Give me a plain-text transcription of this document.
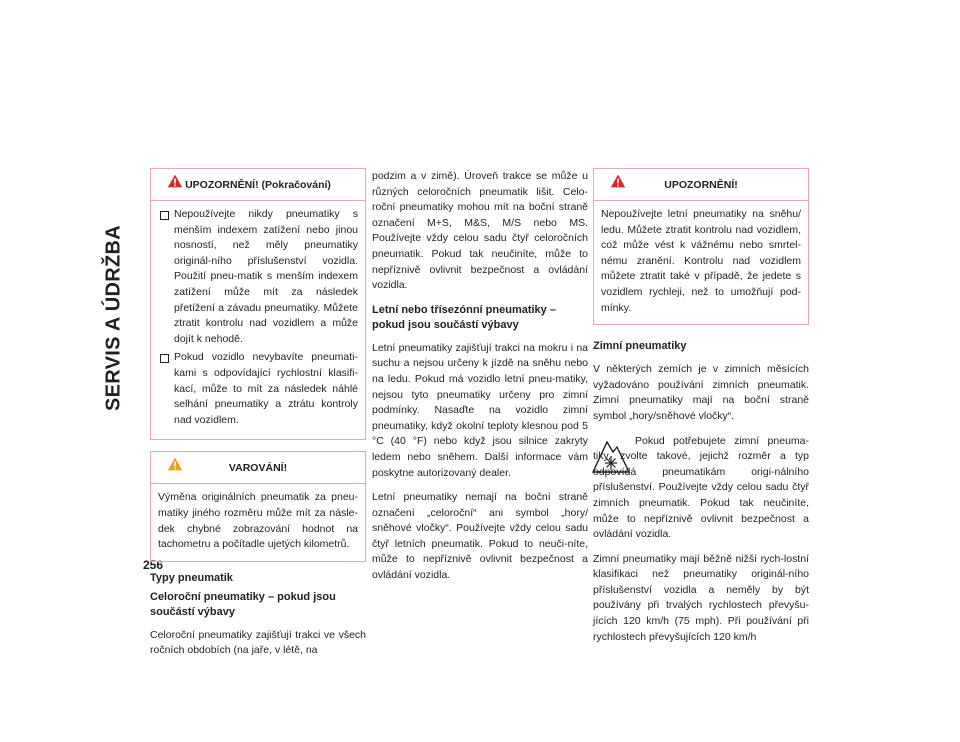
SERVIS A ÚDRŽBA
256
UPOZORNĚNÍ! (Pokračování)
Nepoužívejte nikdy pneumatiky s menším indexem zatížení nebo jinou nosností, než měly pneumatiky originál-ního příslušenství vozidla. Použití pneu-matik s menším indexem zatížení může mít za následek přetížení a závadu pneumatiky. Můžete ztratit kontrolu nad vozidlem a může dojít k nehodě.
Pokud vozidlo nevybavíte pneumati-kami s odpovídající rychlostní klasifi-kací, může to mít za následek náhlé selhání pneumatiky a ztrátu kontroly nad vozidlem.
VAROVÁNÍ!
Výměna originálních pneumatik za pneu-matiky jiného rozměru může mít za násle-dek chybné zobrazování hodnot na tachometru a počítadle ujetých kilometrů.
Typy pneumatik
Celoroční pneumatiky – pokud jsou součástí výbavy

Celoroční pneumatiky zajišťují trakci ve všech ročních obdobích (na jaře, v létě, na

podzim a v zimě). Úroveň trakce se může u různých celoročních pneumatik lišit. Celo-roční pneumatiky mohou mít na boční straně označení M+S, M&S, M/S nebo MS. Používejte vždy celou sadu čtyř celoročních pneumatik. Pokud tak neučiníte, může to nepříznivě ovlivnit bezpečnost a ovládání vozidla.

Letní nebo třísezónní pneumatiky – pokud jsou součástí výbavy

Letní pneumatiky zajišťují trakci na mokru i na suchu a nejsou určeny k jízdě na sněhu nebo na ledu. Pokud má vozidlo letní pneu-matiky, nejsou tyto pneumatiky určeny pro zimní podmínky. Nasaďte na vozidlo zimní pneumatiky, když okolní teploty klesnou pod 5 °C (40 °F) nebo když jsou silnice zakryty ledem nebo sněhem. Další informace vám poskytne autorizovaný dealer.

Letní pneumatiky nemají na boční straně označení „celoroční“ ani symbol „hory/ sněhové vločky“. Používejte vždy celou sadu čtyř letních pneumatik. Pokud to neuči-níte, může to nepříznivě ovlivnit bezpečnost a ovládání vozidla.

UPOZORNĚNÍ!
Nepoužívejte letní pneumatiky na sněhu/ ledu. Můžete ztratit kontrolu nad vozidlem, což může vést k vážnému nebo smrtel-nému zranění. Kontrolu nad vozidlem můžete ztratit také v případě, že jedete s vozidlem rychleji, než to umožňují pod-mínky.
Zimní pneumatiky

V některých zemích je v zimních měsících vyžadováno používání zimních pneumatik. Zimní pneumatiky mají na boční straně symbol „hory/sněhové vločky“.

Pokud potřebujete zimní pneuma-tiky, zvolte takové, jejichž rozměr a typ odpovídá pneumatikám origi-nálního příslušenství. Používejte vždy celou sadu čtyř zimních pneumatik. Pokud tak neučiníte, může to nepříznivě ovlivnit bezpečnost a ovládání vozidla.

Zimní pneumatiky mají běžně nižší rych-lostní klasifikaci než pneumatiky originál-ního příslušenství vozidla a neměly by být používány při trvalých rychlostech převyšu-jících 120 km/h (75 mph). Při používání při rychlostech převyšujících 120 km/h
